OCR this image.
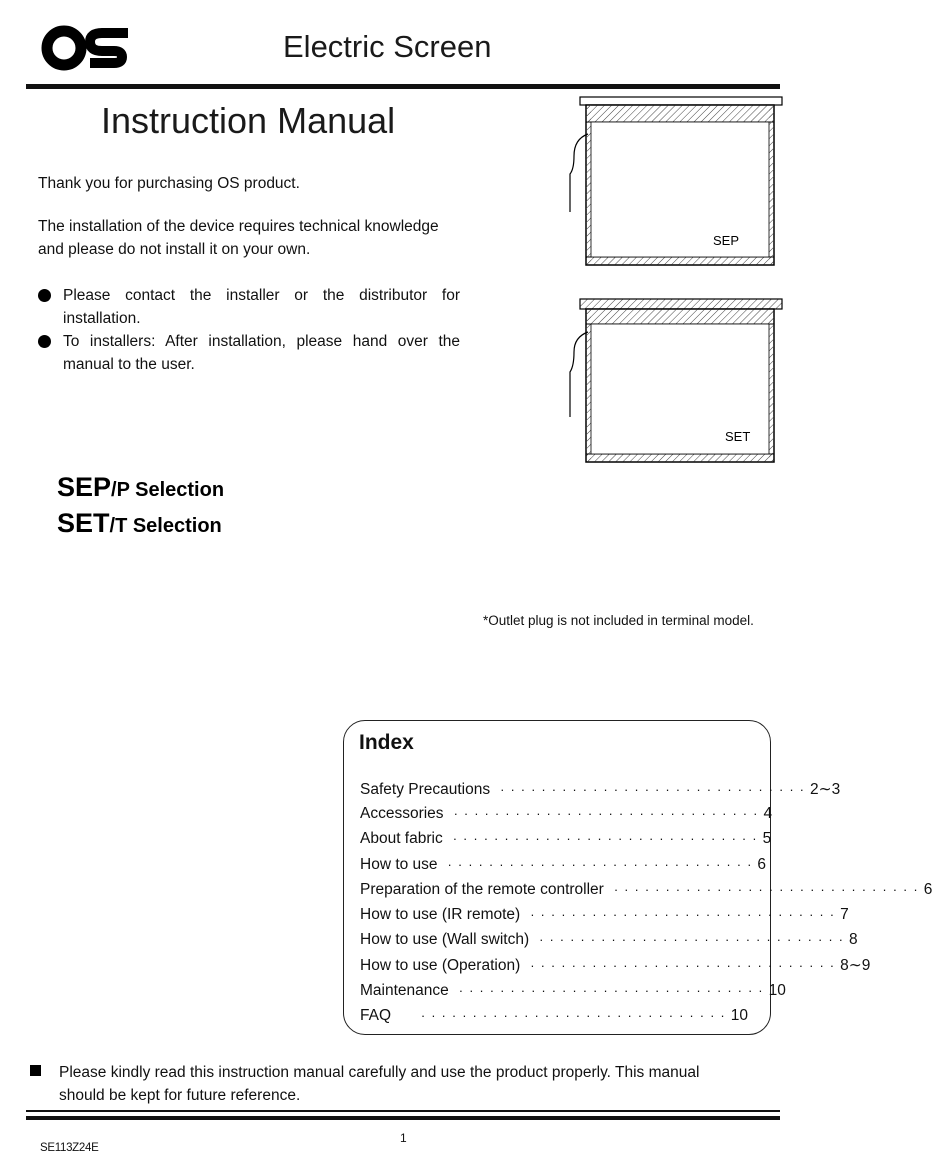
Electric Screen
Instruction Manual
Thank you for purchasing OS product.
The installation of the device requires technical knowledge
and please do not install it on your own.
Please contact the installer or the distributor for installation.
To installers: After installation, please hand over the manual to the user.
SEP
SET
SEP/P Selection
SET/T Selection
*Outlet plug is not included in terminal model.
Index
Safety Precautions ······························ 2∼3
Accessories ······························ 4
About fabric ······························ 5
How to use ······························ 6
Preparation of the remote controller ······························ 6
How to use (IR remote) ······························ 7
How to use (Wall switch) ······························ 8
How to use (Operation) ······························ 8∼9
Maintenance ······························ 10
FAQ	······························ 10
Please kindly read this instruction manual carefully and use the product properly. This manual
should be kept for future reference.
1
SE113Z24E
